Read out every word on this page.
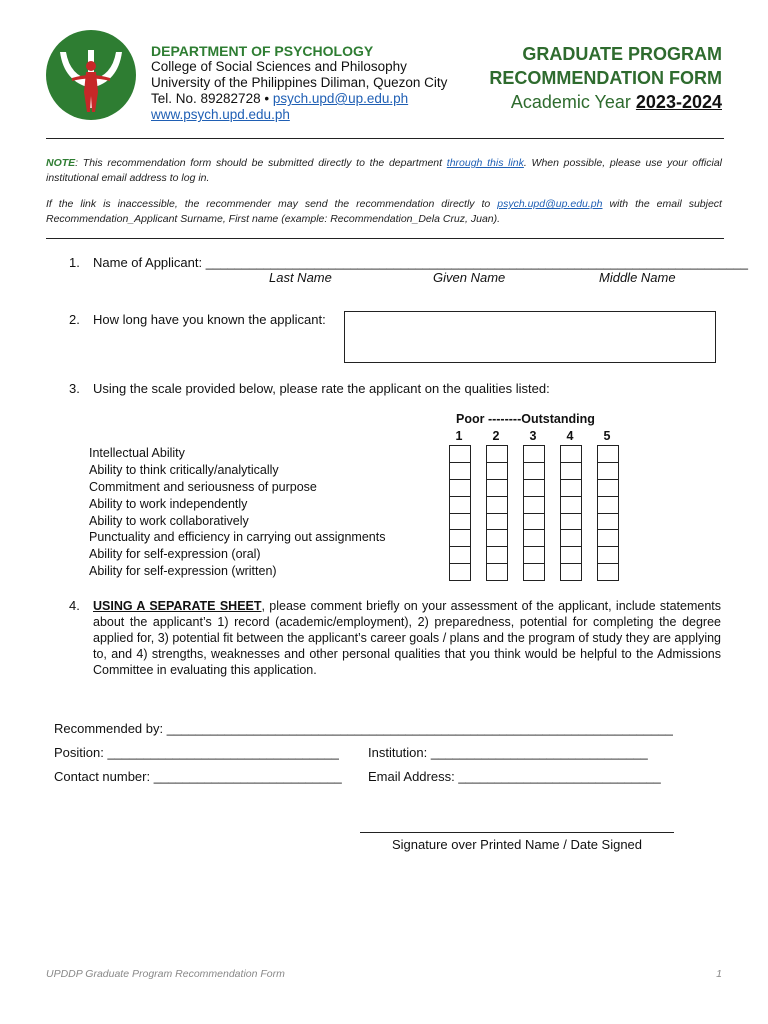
DEPARTMENT OF PSYCHOLOGY
College of Social Sciences and Philosophy
University of the Philippines Diliman, Quezon City
Tel. No. 89282728 • psych.upd@up.edu.ph
www.psych.upd.edu.ph
GRADUATE PROGRAM
RECOMMENDATION FORM
Academic Year 2023-2024
NOTE: This recommendation form should be submitted directly to the department through this link. When possible, please use your official institutional email address to log in.
If the link is inaccessible, the recommender may send the recommendation directly to psych.upd@up.edu.ph with the email subject Recommendation_Applicant Surname, First name (example: Recommendation_Dela Cruz, Juan).
1. Name of Applicant: ___________________________________________________________________________
Last Name	Given Name	Middle Name
2. How long have you known the applicant:
3. Using the scale provided below, please rate the applicant on the qualities listed:
Poor --------Outstanding
1	2	3	4	5
Intellectual Ability
Ability to think critically/analytically
Commitment and seriousness of purpose
Ability to work independently
Ability to work collaboratively
Punctuality and efficiency in carrying out assignments
Ability for self-expression (oral)
Ability for self-expression (written)
4. USING A SEPARATE SHEET, please comment briefly on your assessment of the applicant, include statements about the applicant’s 1) record (academic/employment), 2) preparedness, potential for completing the degree applied for, 3) potential fit between the applicant’s career goals / plans and the program of study they are applying to, and 4) strengths, weaknesses and other personal qualities that you think would be helpful to the Admissions Committee in evaluating this application.
Recommended by: ______________________________________________________________________
Position: ________________________________ Institution: ______________________________
Contact number: __________________________ Email Address: ____________________________
Signature over Printed Name / Date Signed
UPDDP Graduate Program Recommendation Form	1
